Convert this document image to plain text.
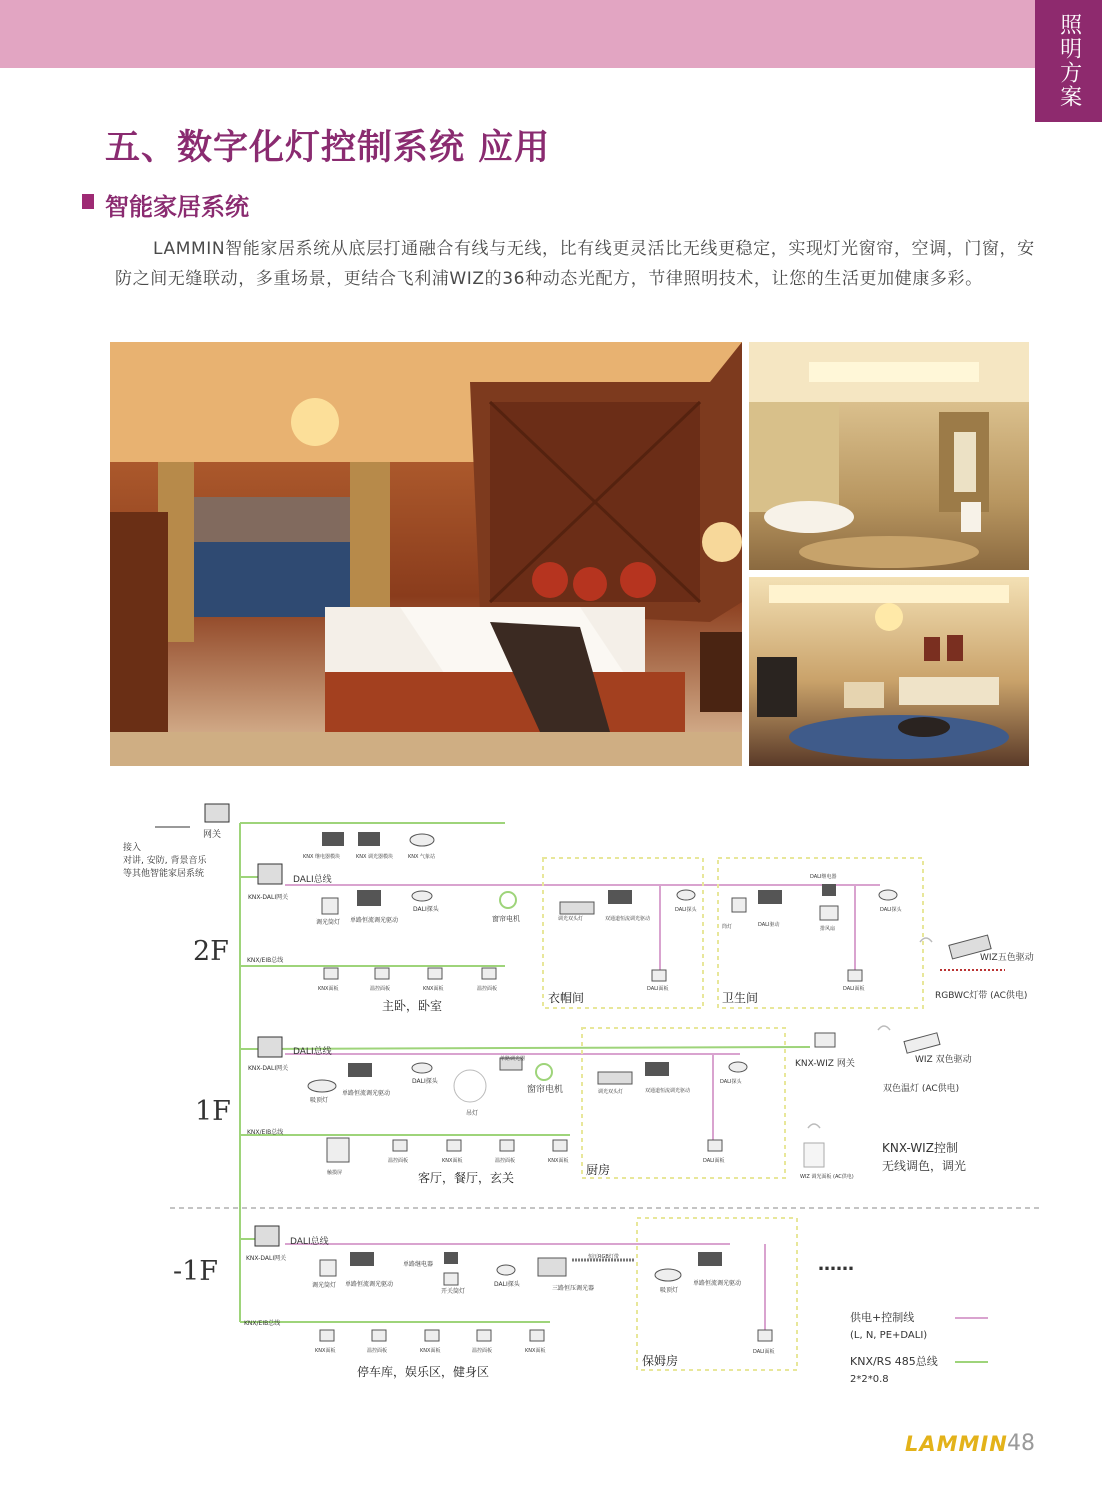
照明方案
五、数字化灯控制系统 应用
智能家居系统

LAMMIN智能家居系统从底层打通融合有线与无线，比有线更灵活比无线更稳定，实现灯光窗帘，空调，门窗，安防之间无缝联动，多重场景，更结合飞利浦WIZ的36种动态光配方，节律照明技术，让您的生活更加健康多彩。

网关
接入
对讲, 安防, 背景音乐
等其他智能家居系统
KNX 继电器模块	KNX 调光器模块	KNX 气象站
2F
KNX-DALI网关
DALI总线
KNX/EIB总线
调光筒灯 单路恒流调光驱动
DALI探头
窗帘电机
KNX面板	温控面板	KNX面板	温控面板
主卧，卧室
调光双头灯	双通道恒流调光驱动
DALI探头
DALI面板
衣帽间
DALI继电器
筒灯	DALI驱动
排风扇
DALI探头
DALI面板
卫生间
WIZ五色驱动
RGBWC灯带 (AC供电)
1F
KNX-DALI网关
DALI总线
KNX/EIB总线
吸顶灯
单路恒流调光驱动
DALI探头
吊灯
单路调光器
窗帘电机
触摸屏
温控面板	KNX面板	温控面板	KNX面板
客厅，餐厅，玄关
调光双头灯	双通道恒流调光驱动
DALI探头
DALI面板
厨房
KNX-WIZ 网关	WIZ 双色驱动
双色温灯 (AC供电)
WIZ 调光面板 (AC供电)
KNX-WIZ控制
无线调色，调光
-1F	KNX-DALI网关
DALI总线
KNX/EIB总线
调光筒灯 单路恒流调光驱动
单路继电器
开关筒灯
DALI探头
三路恒压调光器
恒压RGB灯带
KNX面板	温控面板	KNX面板	温控面板	KNX面板
停车库，娱乐区，健身区
吸顶灯
单路恒流调光驱动
DALI面板
保姆房
……
供电+控制线
(L, N, PE+DALI)
KNX/RS 485总线
2*2*0.8
LAMMIN 48
